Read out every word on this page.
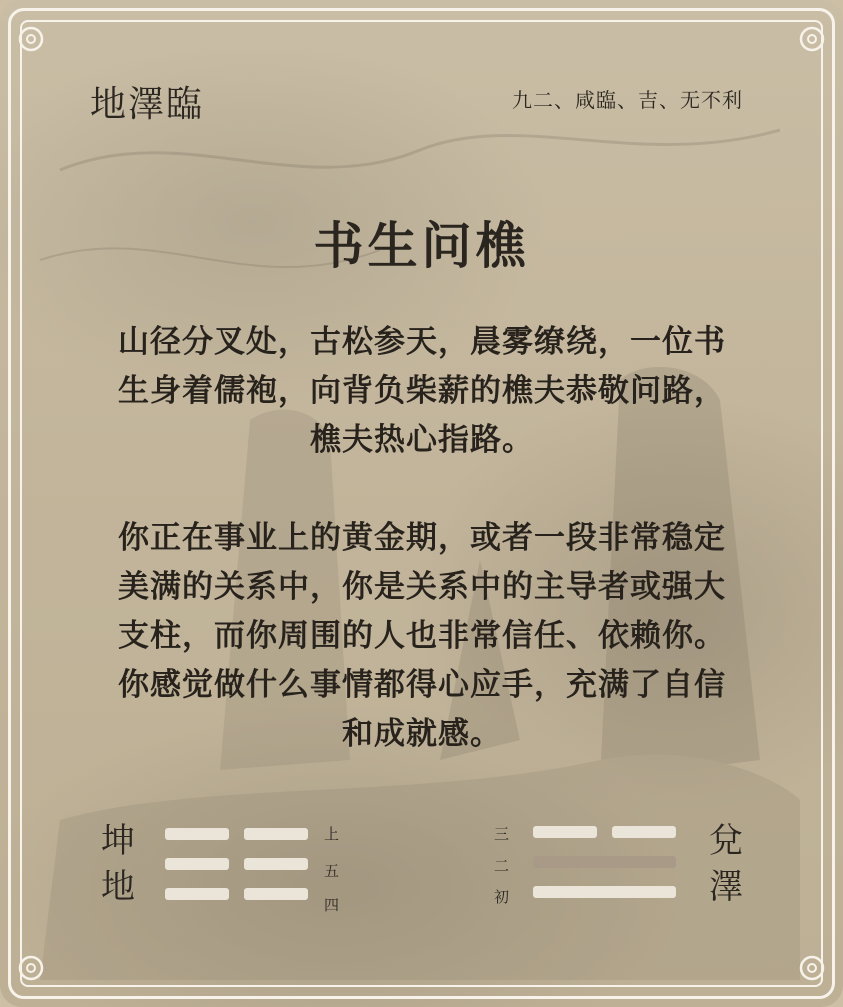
地澤臨	九二、咸臨、吉、无不利
书生问樵
山径分叉处，古松参天，晨雾缭绕，一位书生身着儒袍，向背负柴薪的樵夫恭敬问路，樵夫热心指路。
你正在事业上的黄金期，或者一段非常稳定美满的关系中，你是关系中的主导者或强大支柱，而你周围的人也非常信任、依赖你。你感觉做什么事情都得心应手，充满了自信和成就感。
坤
地
上
五
四
三
二
初
兌
澤
